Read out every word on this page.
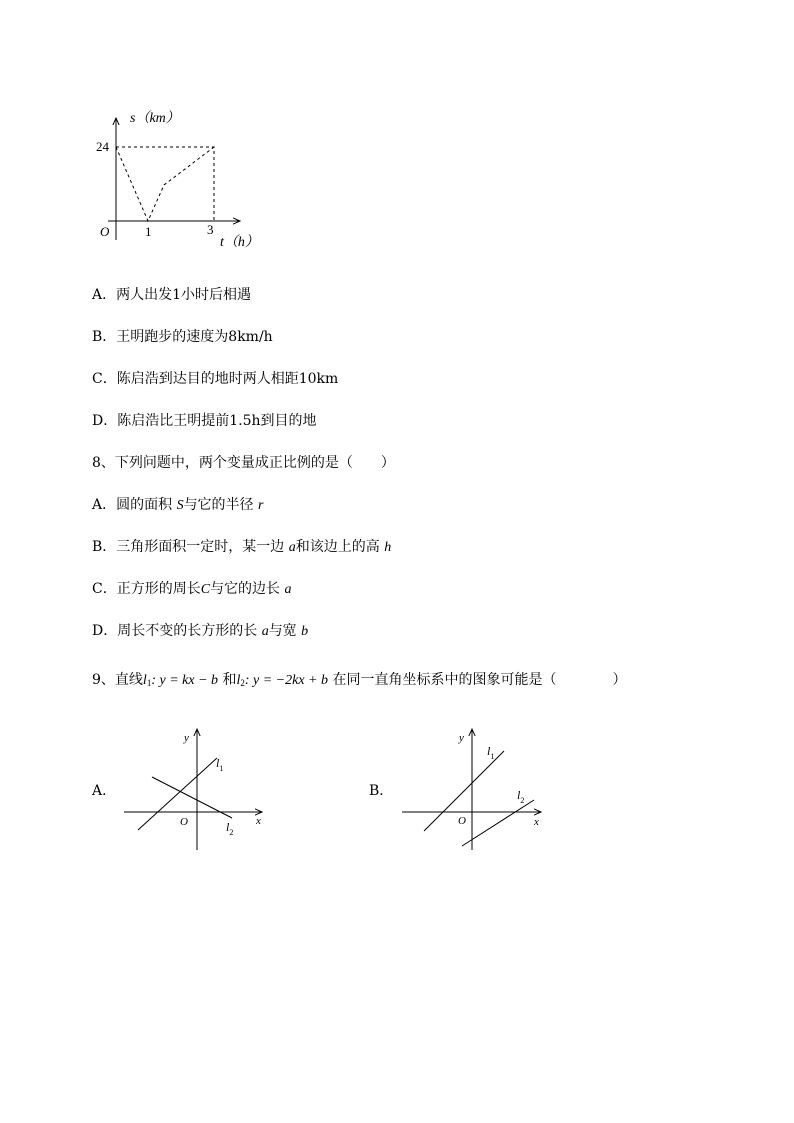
s（km）
24
O	1	3
t（h）
A．两人出发1小时后相遇
B．王明跑步的速度为8km/h
C．陈启浩到达目的地时两人相距10km
D．陈启浩比王明提前1.5h到目的地
8、下列问题中，两个变量成正比例的是（　　）
A．圆的面积 S与它的半径 r
B．三角形面积一定时，某一边 a和该边上的高 h
C．正方形的周长C与它的边长 a
D．周长不变的长方形的长 a与宽 b
9、直线$l_1$: y = kx − b 和$l_2$: y = −2kx + b 在同一直角坐标系中的图象可能是（　　　　）
A．
y
x
O
$l_1$
$l_2$
B．
y
x
O
$l_1$
$l_2$
